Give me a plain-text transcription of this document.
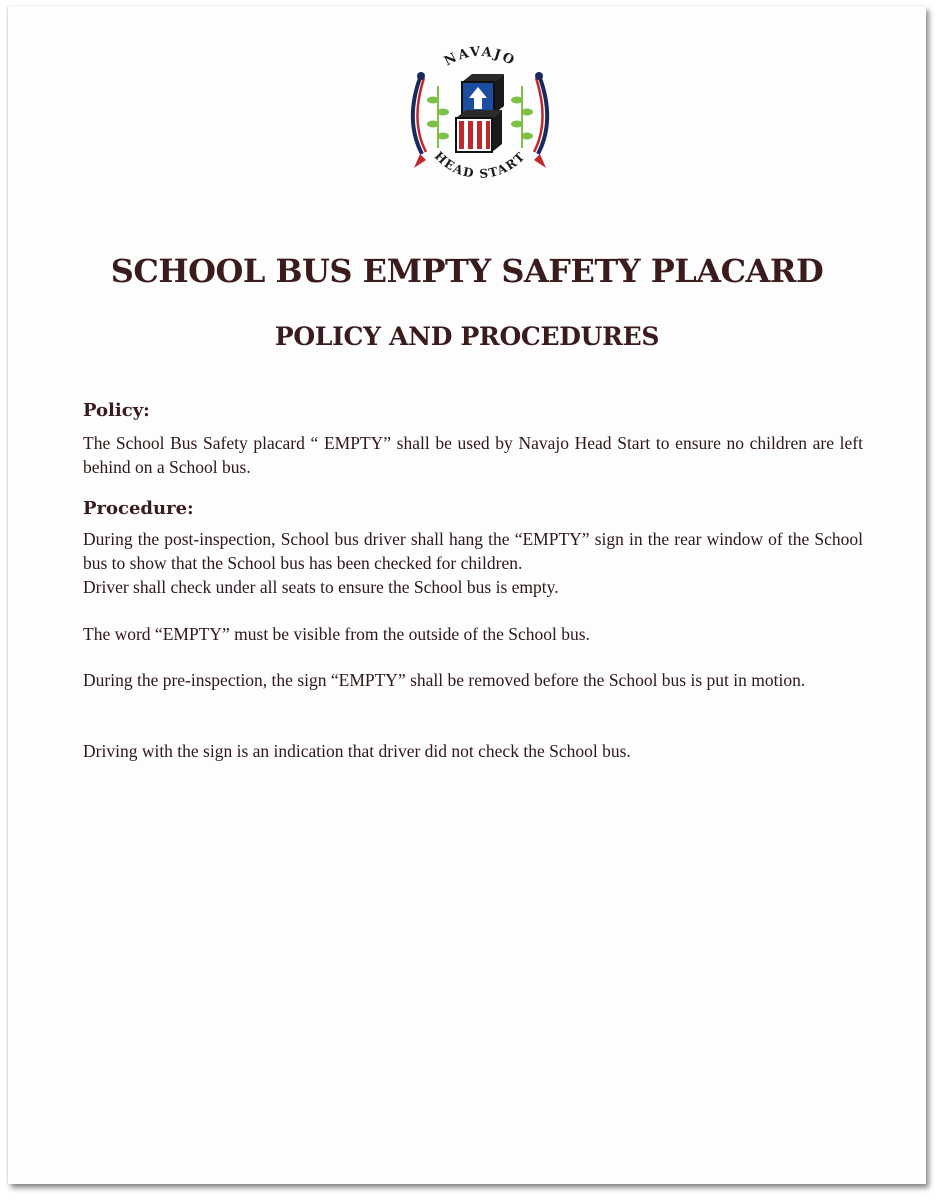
NAVAJO
HEAD START
SCHOOL BUS EMPTY SAFETY PLACARD
POLICY AND PROCEDURES
Policy:

The School Bus Safety placard “ EMPTY” shall be used by Navajo Head Start to ensure no children are left behind on a School bus.

Procedure:

During the post-inspection, School bus driver shall hang the “EMPTY” sign in the rear window of the School bus to show that the School bus has been checked for children.

Driver shall check under all seats to ensure the School bus is empty.

The word “EMPTY” must be visible from the outside of the School bus.

During the pre-inspection, the sign “EMPTY” shall be removed before the School bus is put in motion.

Driving with the sign is an indication that driver did not check the School bus.
